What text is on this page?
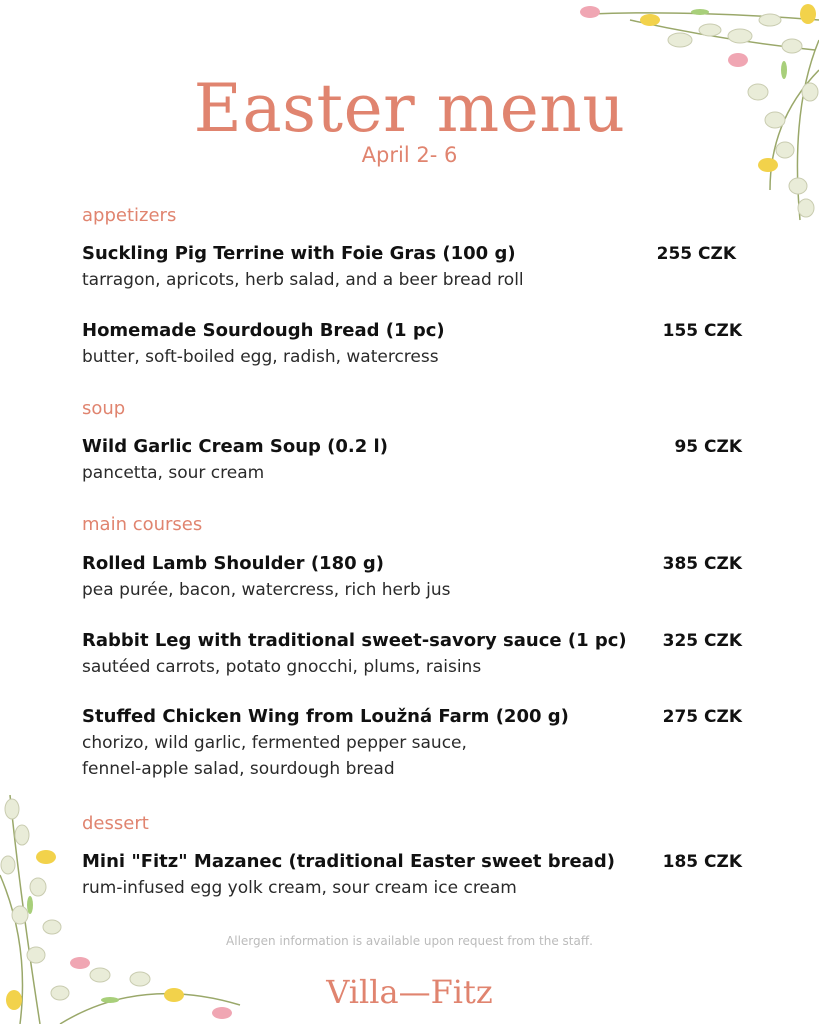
Easter menu
April 2- 6
appetizers
Suckling Pig Terrine with Foie Gras (100 g)
tarragon, apricots, herb salad, and a beer bread roll
255 CZK
Homemade Sourdough Bread (1 pc)
butter, soft-boiled egg, radish, watercress
155 CZK
soup
Wild Garlic Cream Soup (0.2 l)
pancetta, sour cream
95 CZK
main courses
Rolled Lamb Shoulder (180 g)
pea purée, bacon, watercress, rich herb jus
385 CZK
Rabbit Leg with traditional sweet-savory sauce (1 pc)
sautéed carrots, potato gnocchi, plums, raisins
325 CZK
Stuffed Chicken Wing from Loužná Farm (200 g)
chorizo, wild garlic, fermented pepper sauce,
fennel-apple salad, sourdough bread
275 CZK
dessert
Mini "Fitz" Mazanec (traditional Easter sweet bread)
rum-infused egg yolk cream, sour cream ice cream
185 CZK
Allergen information is available upon request from the staff.
Villa—Fitz
